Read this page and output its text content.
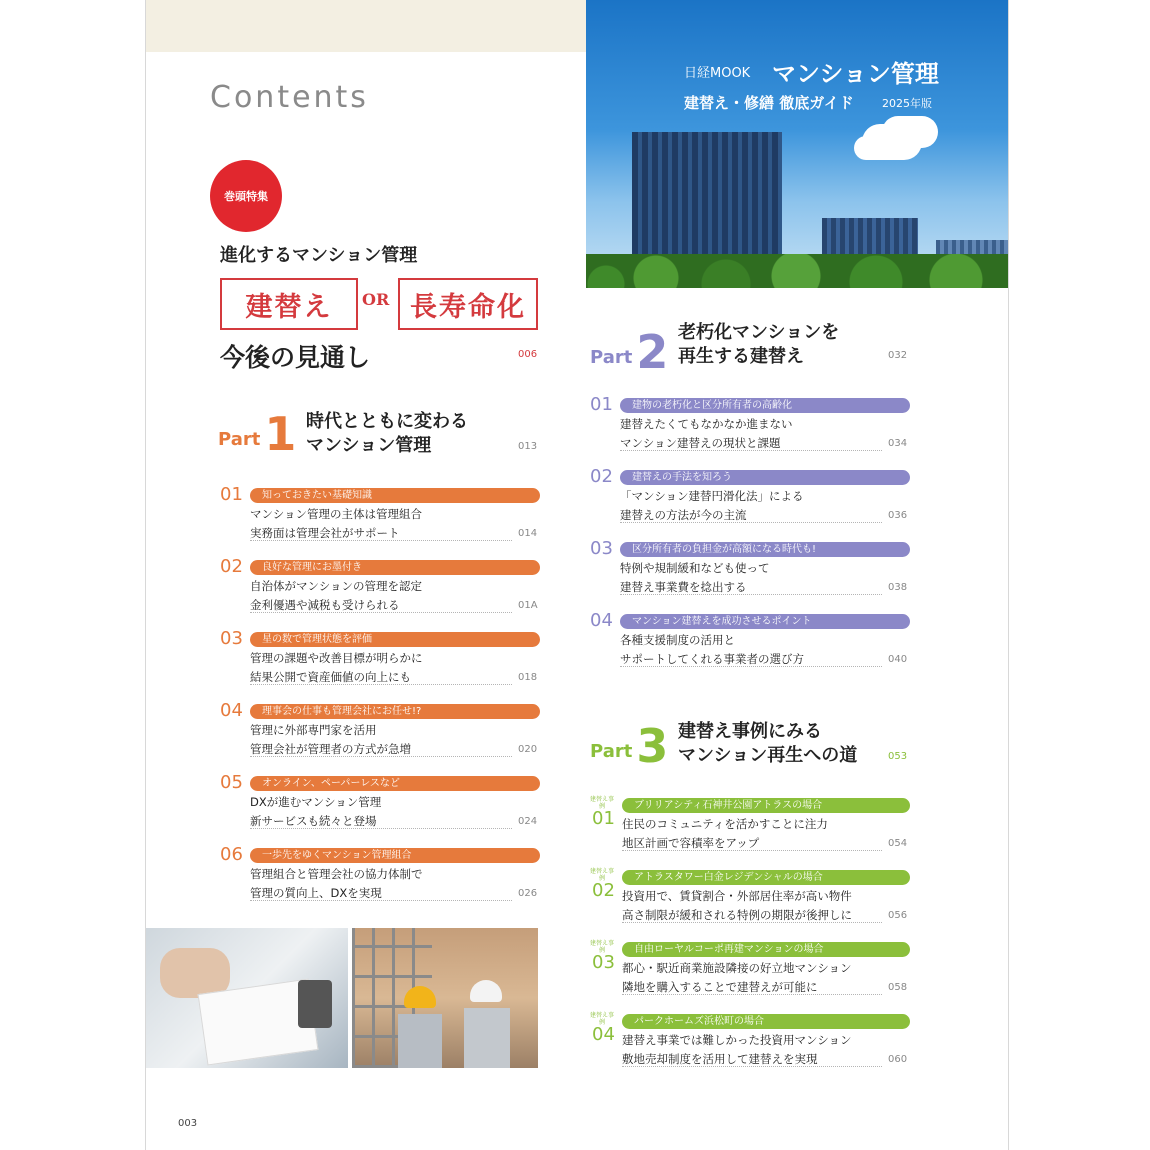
日経MOOK マンション管理
建替え・修繕 徹底ガイド	2025年版
Contents
巻頭特集
進化するマンション管理
建替え	OR 長寿命化
今後の見通し	006
Part 1 時代とともに変わる
マンション管理	013
01	知っておきたい基礎知識
マンション管理の主体は管理組合
実務面は管理会社がサポート	014
02	良好な管理にお墨付き
自治体がマンションの管理を認定
金利優遇や減税も受けられる	01A
03	星の数で管理状態を評価
管理の課題や改善目標が明らかに
結果公開で資産価値の向上にも	018
04	理事会の仕事も管理会社にお任せ!?
管理に外部専門家を活用
管理会社が管理者の方式が急増	020
05	オンライン、ペーパーレスなど
DXが進むマンション管理
新サービスも続々と登場	024
06	一歩先をゆくマンション管理組合
管理組合と管理会社の協力体制で
管理の質向上、DXを実現	026
Part 2 老朽化マンションを
再生する建替え	032
01	建物の老朽化と区分所有者の高齢化
建替えたくてもなかなか進まない
マンション建替えの現状と課題	034
02	建替えの手法を知ろう
「マンション建替円滑化法」による
建替えの方法が今の主流	036
03	区分所有者の負担金が高額になる時代も!
特例や規制緩和なども使って
建替え事業費を捻出する	038
04	マンション建替えを成功させるポイント
各種支援制度の活用と
サポートしてくれる事業者の選び方	040
Part 3 建替え事例にみる
マンション再生への道	053
建替え事例
01
ブリリアシティ石神井公園アトラスの場合
住民のコミュニティを活かすことに注力
地区計画で容積率をアップ	054
建替え事例
02
アトラスタワー白金レジデンシャルの場合
投資用で、賃貸割合・外部居住率が高い物件
高さ制限が緩和される特例の期限が後押しに	056
建替え事例
03
自由ローヤルコーポ再建マンションの場合
都心・駅近商業施設隣接の好立地マンション
隣地を購入することで建替えが可能に	058
建替え事例
04
パークホームズ浜松町の場合
建替え事業では難しかった投資用マンション
敷地売却制度を活用して建替えを実現	060
003
